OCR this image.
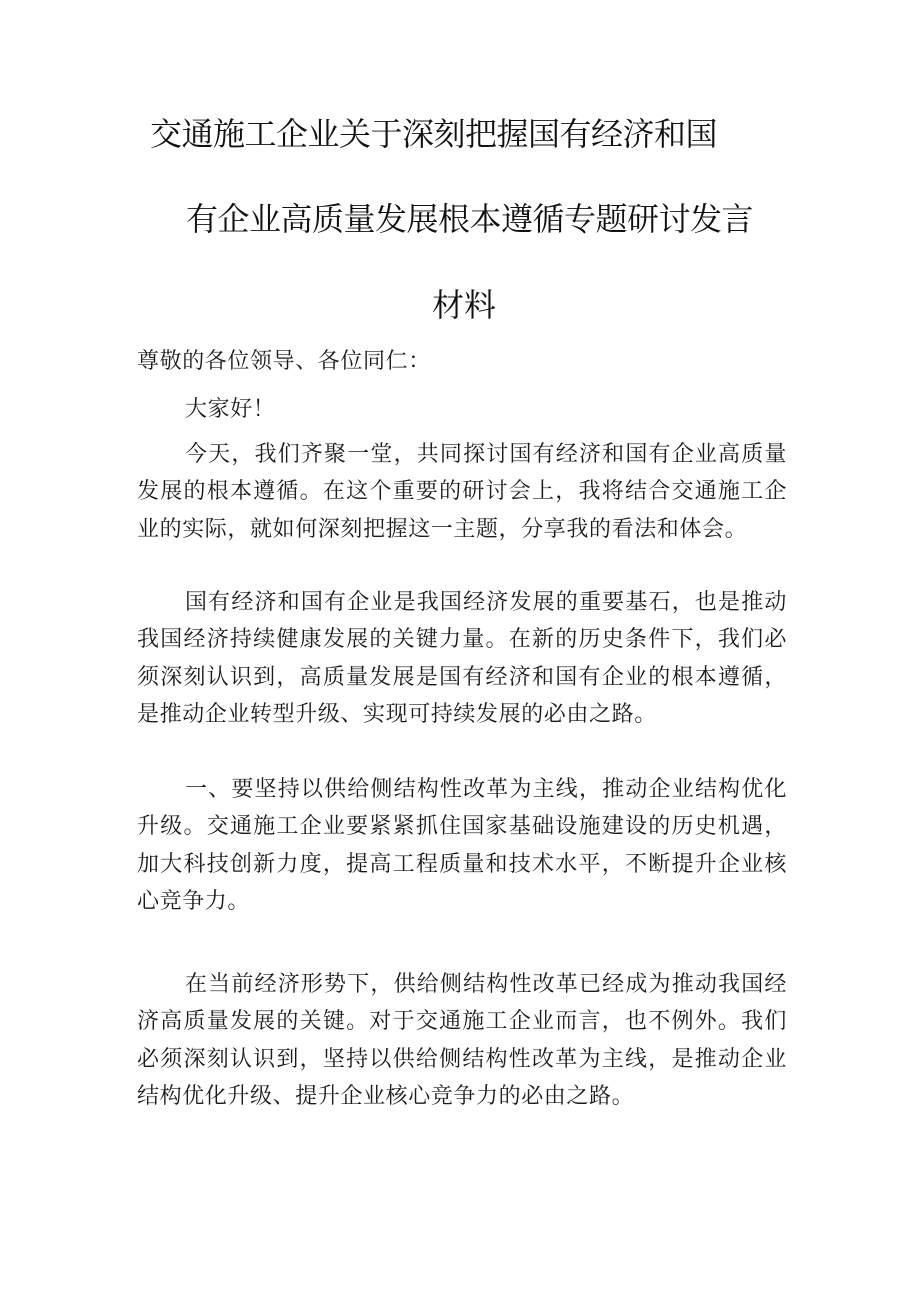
交通施工企业关于深刻把握国有经济和国
有企业高质量发展根本遵循专题研讨发言
材料

尊敬的各位领导、各位同仁：

大家好！

今天，我们齐聚一堂，共同探讨国有经济和国有企业高质量发展的根本遵循。在这个重要的研讨会上，我将结合交通施工企业的实际，就如何深刻把握这一主题，分享我的看法和体会。

国有经济和国有企业是我国经济发展的重要基石，也是推动我国经济持续健康发展的关键力量。在新的历史条件下，我们必须深刻认识到，高质量发展是国有经济和国有企业的根本遵循，是推动企业转型升级、实现可持续发展的必由之路。

一、要坚持以供给侧结构性改革为主线，推动企业结构优化升级。交通施工企业要紧紧抓住国家基础设施建设的历史机遇，加大科技创新力度，提高工程质量和技术水平，不断提升企业核心竞争力。

在当前经济形势下，供给侧结构性改革已经成为推动我国经济高质量发展的关键。对于交通施工企业而言，也不例外。我们必须深刻认识到，坚持以供给侧结构性改革为主线，是推动企业结构优化升级、提升企业核心竞争力的必由之路。
